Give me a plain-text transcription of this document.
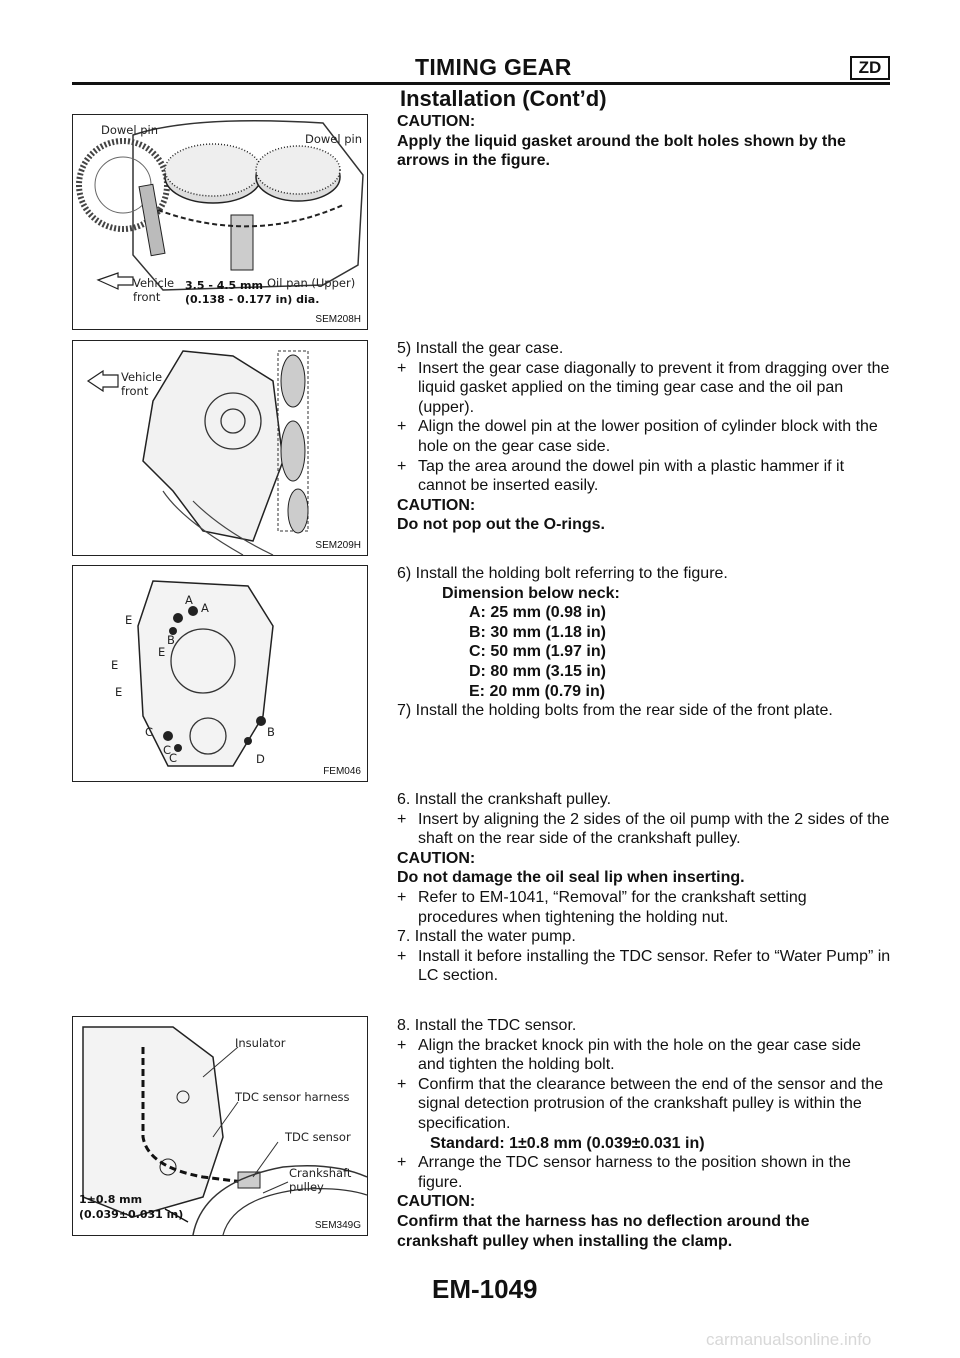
TIMING GEAR	ZD
Installation (Cont’d)
Dowel pin
Dowel pin
Vehicle
front
3.5 - 4.5 mm
(0.138 - 0.177 in) dia.
Oil pan (Upper)
SEM208H
Vehicle
front
SEM209H
A
A
E
B
E
E
E
B
C
C
C	D
FEM046
Insulator
TDC sensor harness
TDC sensor
Crankshaft
pulley
1±0.8 mm
(0.039±0.031 in)
SEM349G

CAUTION:

Apply the liquid gasket around the bolt holes shown by the arrows in the figure.

5) Install the gear case.

+ Insert the gear case diagonally to prevent it from dragging over the liquid gasket applied on the timing gear case and the oil pan (upper).

+ Align the dowel pin at the lower position of cylinder block with the hole on the gear case side.

+ Tap the area around the dowel pin with a plastic hammer if it cannot be inserted easily.

CAUTION:

Do not pop out the O-rings.

6) Install the holding bolt referring to the figure.

Dimension below neck:

A: 25 mm (0.98 in)

B: 30 mm (1.18 in)

C: 50 mm (1.97 in)

D: 80 mm (3.15 in)

E: 20 mm (0.79 in)

7) Install the holding bolts from the rear side of the front plate.

6. Install the crankshaft pulley.

+ Insert by aligning the 2 sides of the oil pump with the 2 sides of the shaft on the rear side of the crankshaft pulley.

CAUTION:

Do not damage the oil seal lip when inserting.

+ Refer to EM-1041, “Removal” for the crankshaft setting procedures when tightening the holding nut.

7. Install the water pump.

+ Install it before installing the TDC sensor. Refer to “Water Pump” in LC section.

8. Install the TDC sensor.

+ Align the bracket knock pin with the hole on the gear case side and tighten the holding bolt.

+ Confirm that the clearance between the end of the sensor and the signal detection protrusion of the crankshaft pulley is within the specification.

Standard: 1±0.8 mm (0.039±0.031 in)

+ Arrange the TDC sensor harness to the position shown in the figure.

CAUTION:

Confirm that the harness has no deflection around the crankshaft pulley when installing the clamp.

EM-1049
carmanualsonline.info
